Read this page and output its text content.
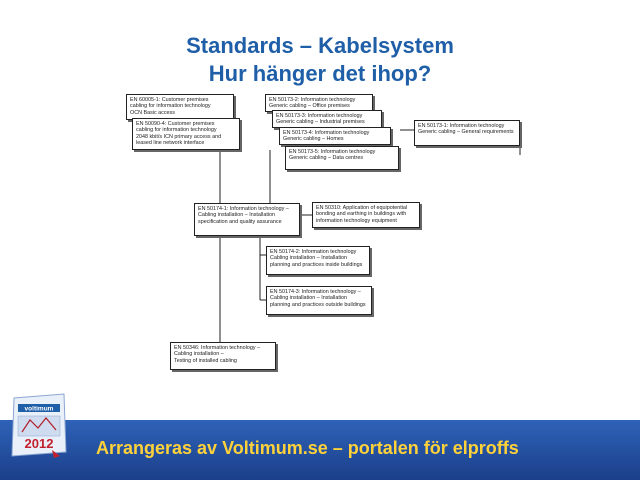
Standards – Kabelsystem
Hur hänger det ihop?
EN 60005-1: Customer premises
cabling for information technology
OCN Basic access
EN 50090-4: Customer premises
cabling for information technology
2048 kbit/s ICN primary access and
leased line network interface
EN 50173-2: Information technology
Generic cabling – Office premises
EN 50173-3: Information technology
Generic cabling – Industrial premises
EN 50173-4: Information technology
Generic cabling – Homes
EN 50173-5: Information technology
Generic cabling – Data centres
EN 50173-1: Information technology
Generic cabling – General requirements
EN 50174-1: Information technology –
Cabling installation – Installation
specification and quality assurance
EN 50310: Application of equipotential
bonding and earthing in buildings with
information technology equipment
EN 50174-2: Information technology
Cabling installation – Installation
planning and practices inside buildings
EN 50174-3: Information technology –
Cabling installation – Installation
planning and practices outside buildings
EN 50346: Information technology –
Cabling installation –
Testing of installed cabling
Arrangeras av Voltimum.se – portalen för elproffs
voltimum
2012
